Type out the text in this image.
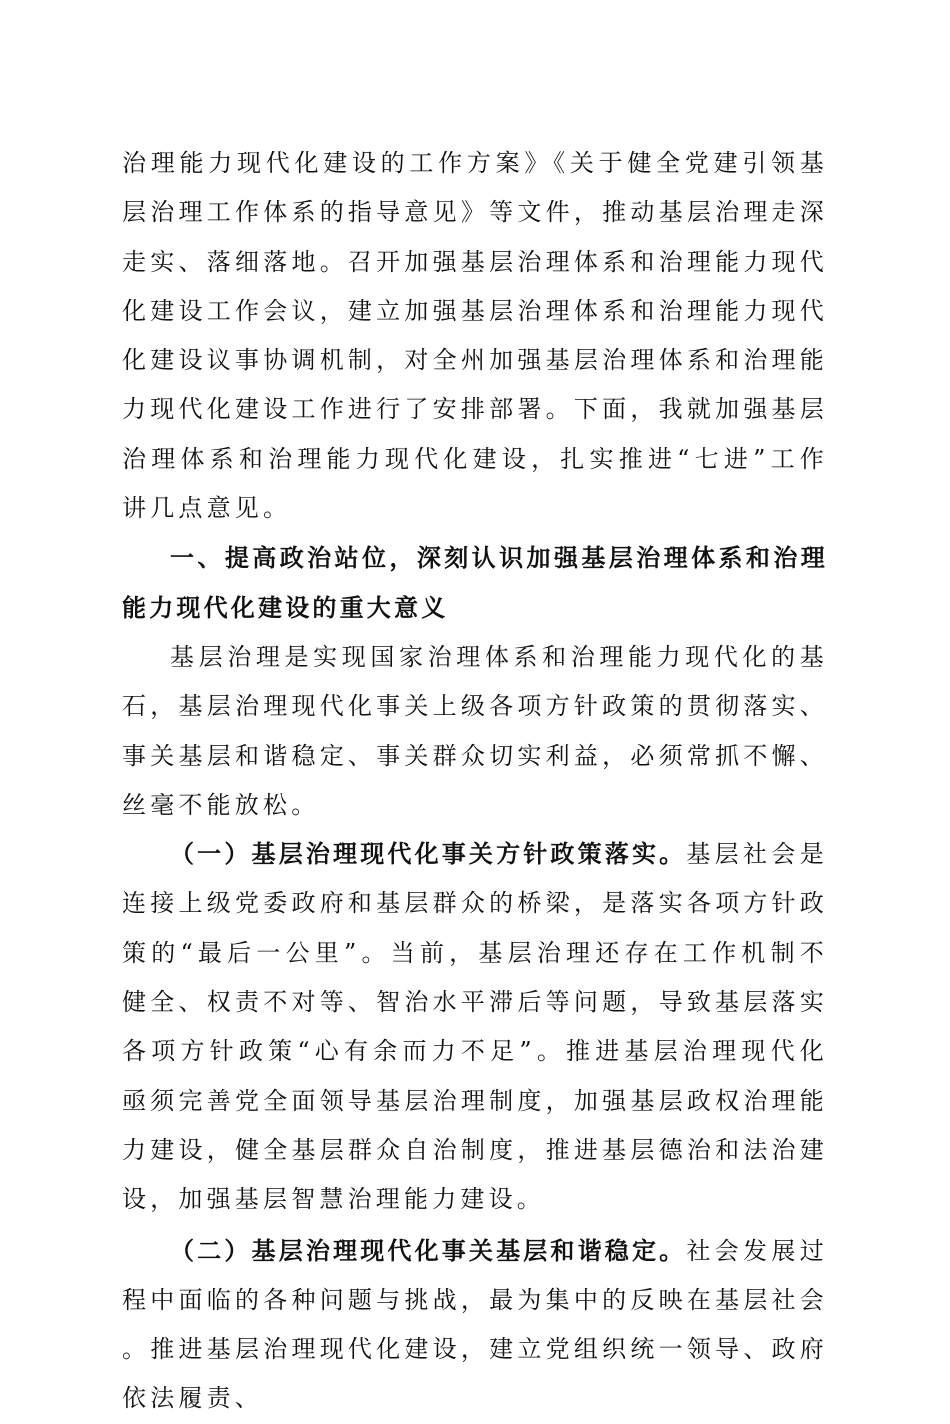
治理能力现代化建设的工作方案》《关于健全党建引领基层治理工作体系的指导意见》等文件，推动基层治理走深走实、落细落地。召开加强基层治理体系和治理能力现代化建设工作会议，建立加强基层治理体系和治理能力现代化建设议事协调机制，对全州加强基层治理体系和治理能力现代化建设工作进行了安排部署。下面，我就加强基层治理体系和治理能力现代化建设，扎实推进“七进”工作讲几点意见。

一、提高政治站位，深刻认识加强基层治理体系和治理能力现代化建设的重大意义

基层治理是实现国家治理体系和治理能力现代化的基石，基层治理现代化事关上级各项方针政策的贯彻落实、事关基层和谐稳定、事关群众切实利益，必须常抓不懈、丝毫不能放松。

（一）基层治理现代化事关方针政策落实。基层社会是连接上级党委政府和基层群众的桥梁，是落实各项方针政策的“最后一公里”。当前，基层治理还存在工作机制不健全、权责不对等、智治水平滞后等问题，导致基层落实各项方针政策“心有余而力不足”。推进基层治理现代化亟须完善党全面领导基层治理制度，加强基层政权治理能力建设，健全基层群众自治制度，推进基层德治和法治建设，加强基层智慧治理能力建设。

（二）基层治理现代化事关基层和谐稳定。社会发展过程中面临的各种问题与挑战，最为集中的反映在基层社会。推进基层治理现代化建设，建立党组织统一领导、政府依法履责、
